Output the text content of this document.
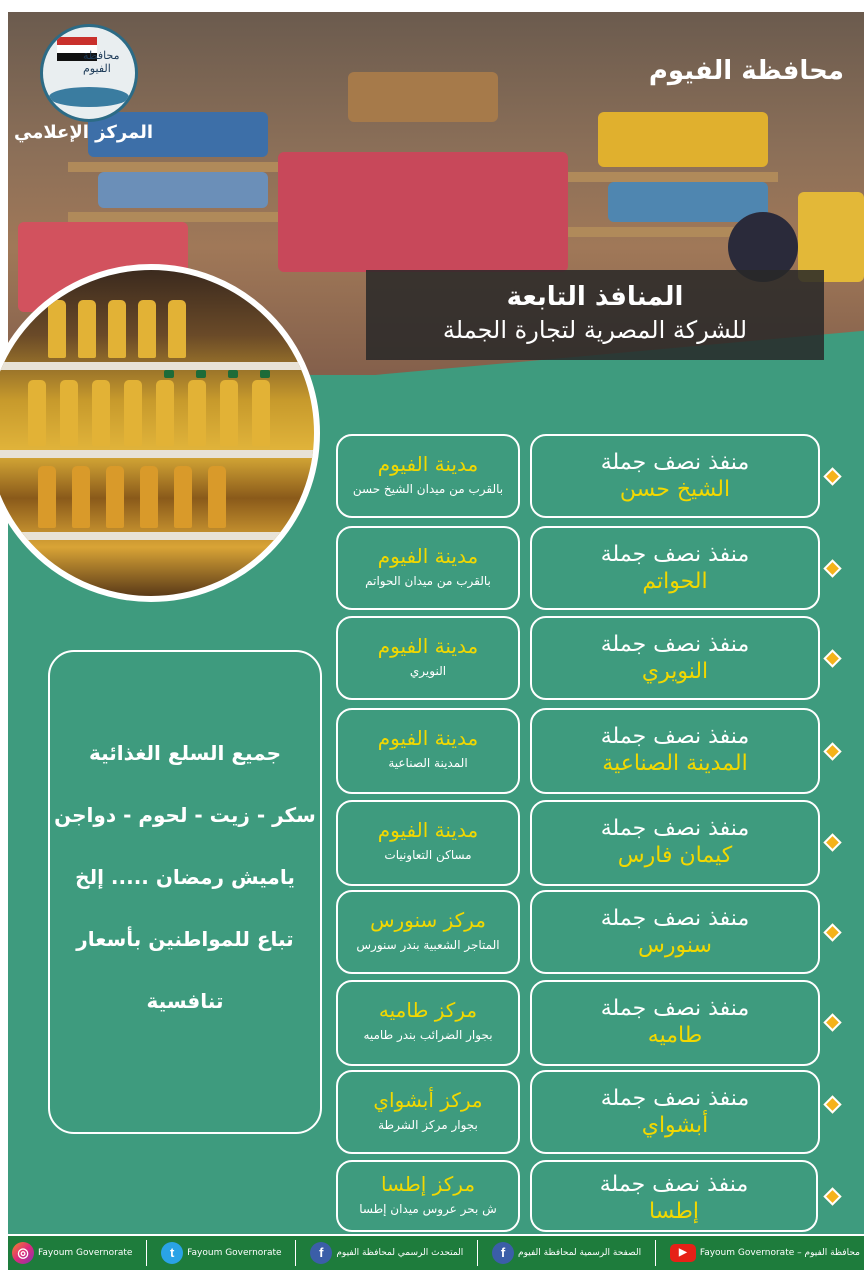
محافظة الفيوم
المركز الإعلامي
محافظة الفيوم
المنافذ التابعة
للشركة المصرية لتجارة الجملة
منفذ نصف جملة
الشيخ حسن
مدينة الفيوم
بالقرب من ميدان الشيخ حسن
منفذ نصف جملة
الحواتم
مدينة الفيوم
بالقرب من ميدان الحواتم
منفذ نصف جملة
النويري
مدينة الفيوم
النويري
منفذ نصف جملة
المدينة الصناعية
مدينة الفيوم
المدينة الصناعية
منفذ نصف جملة
كيمان فارس
مدينة الفيوم
مساكن التعاونيات
منفذ نصف جملة
سنورس
مركز سنورس
المتاجر الشعبية بندر سنورس
منفذ نصف جملة
طاميه
مركز طاميه
بجوار الضرائب بندر طاميه
منفذ نصف جملة
أبشواي
مركز أبشواي
بجوار مركز الشرطة
منفذ نصف جملة
إطسا
مركز إطسا
ش بحر عروس ميدان إطسا
جميع السلع الغذائية
سكر - زيت - لحوم - دواجن
ياميش رمضان ..... إلخ
تباع للمواطنين بأسعار
تنافسية
◎	Fayoum Governorate	t	Fayoum Governorate	f	المتحدث الرسمي لمحافظة الفيوم	f	الصفحة الرسمية لمحافظة الفيوم	▶	Fayoum Governorate – محافظة الفيوم
